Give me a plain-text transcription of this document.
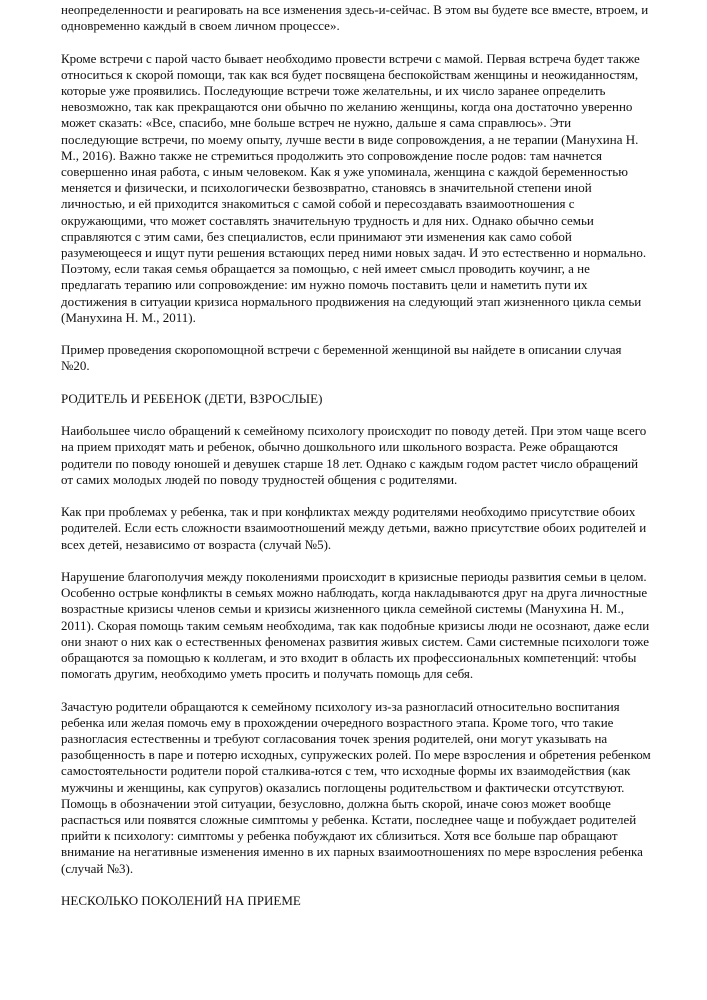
неопределенности и реагировать на все изменения здесь-и-сейчас. В этом вы будете все вместе, втроем, и одновременно каждый в своем личном процессе».

Кроме встречи с парой часто бывает необходимо провести встречи с мамой. Первая встреча будет также относиться к скорой помощи, так как вся будет посвящена беспокойствам женщины и неожиданностям, которые уже проявились. Последующие встречи тоже желательны, и их число заранее определить невозможно, так как прекращаются они обычно по желанию женщины, когда она достаточно уверенно может сказать: «Все, спасибо, мне больше встреч не нужно, дальше я сама справлюсь». Эти последующие встречи, по моему опыту, лучше вести в виде сопровождения, а не терапии (Манухина Н. М., 2016). Важно также не стремиться продолжить это сопровождение после родов: там начнется совершенно иная работа, с иным человеком. Как я уже упоминала, женщина с каждой беременностью меняется и физически, и психологически безвозвратно, становясь в значительной степени иной личностью, и ей приходится знакомиться с самой собой и пересоздавать взаимоотношения с окружающими, что может составлять значительную трудность и для них. Однако обычно семьи справляются с этим сами, без специалистов, если принимают эти изменения как само собой разумеющееся и ищут пути решения встающих перед ними новых задач. И это естественно и нормально. Поэтому, если такая семья обращается за помощью, с ней имеет смысл проводить коучинг, а не предлагать терапию или сопровождение: им нужно помочь поставить цели и наметить пути их достижения в ситуации кризиса нормального продвижения на следующий этап жизненного цикла семьи (Манухина Н. М., 2011).

Пример проведения скоропомощной встречи с беременной женщиной вы найдете в описании случая №20.

РОДИТЕЛЬ И РЕБЕНОК (ДЕТИ, ВЗРОСЛЫЕ)

Наибольшее число обращений к семейному психологу происходит по поводу детей. При этом чаще всего на прием приходят мать и ребенок, обычно дошкольного или школьного возраста. Реже обращаются родители по поводу юношей и девушек старше 18 лет. Однако с каждым годом растет число обращений от самих молодых людей по поводу трудностей общения с родителями.

Как при проблемах у ребенка, так и при конфликтах между родителями необходимо присутствие обоих родителей. Если есть сложности взаимоотношений между детьми, важно присутствие обоих родителей и всех детей, независимо от возраста (случай №5).

Нарушение благополучия между поколениями происходит в кризисные периоды развития семьи в целом. Особенно острые конфликты в семьях можно наблюдать, когда накладываются друг на друга личностные возрастные кризисы членов семьи и кризисы жизненного цикла семейной системы (Манухина Н. М., 2011). Скорая помощь таким семьям необходима, так как подобные кризисы люди не осознают, даже если они знают о них как о естественных феноменах развития живых систем. Сами системные психологи тоже обращаются за помощью к коллегам, и это входит в область их профессиональных компетенций: чтобы помогать другим, необходимо уметь просить и получать помощь для себя.

Зачастую родители обращаются к семейному психологу из-за разногласий относительно воспитания ребенка или желая помочь ему в прохождении очередного возрастного этапа. Кроме того, что такие разногласия естественны и требуют согласования точек зрения родителей, они могут указывать на разобщенность в паре и потерю исходных, супружеских ролей. По мере взросления и обретения ребенком самостоятельности родители порой сталкива-ются с тем, что исходные формы их взаимодействия (как мужчины и женщины, как супругов) оказались поглощены родительством и фактически отсутствуют. Помощь в обозначении этой ситуации, безусловно, должна быть скорой, иначе союз может вообще распасться или появятся сложные симптомы у ребенка. Кстати, последнее чаще и побуждает родителей прийти к психологу: симптомы у ребенка побуждают их сблизиться. Хотя все больше пар обращают внимание на негативные изменения именно в их парных взаимоотношениях по мере взросления ребенка (случай №3).

НЕСКОЛЬКО ПОКОЛЕНИЙ НА ПРИЕМЕ
